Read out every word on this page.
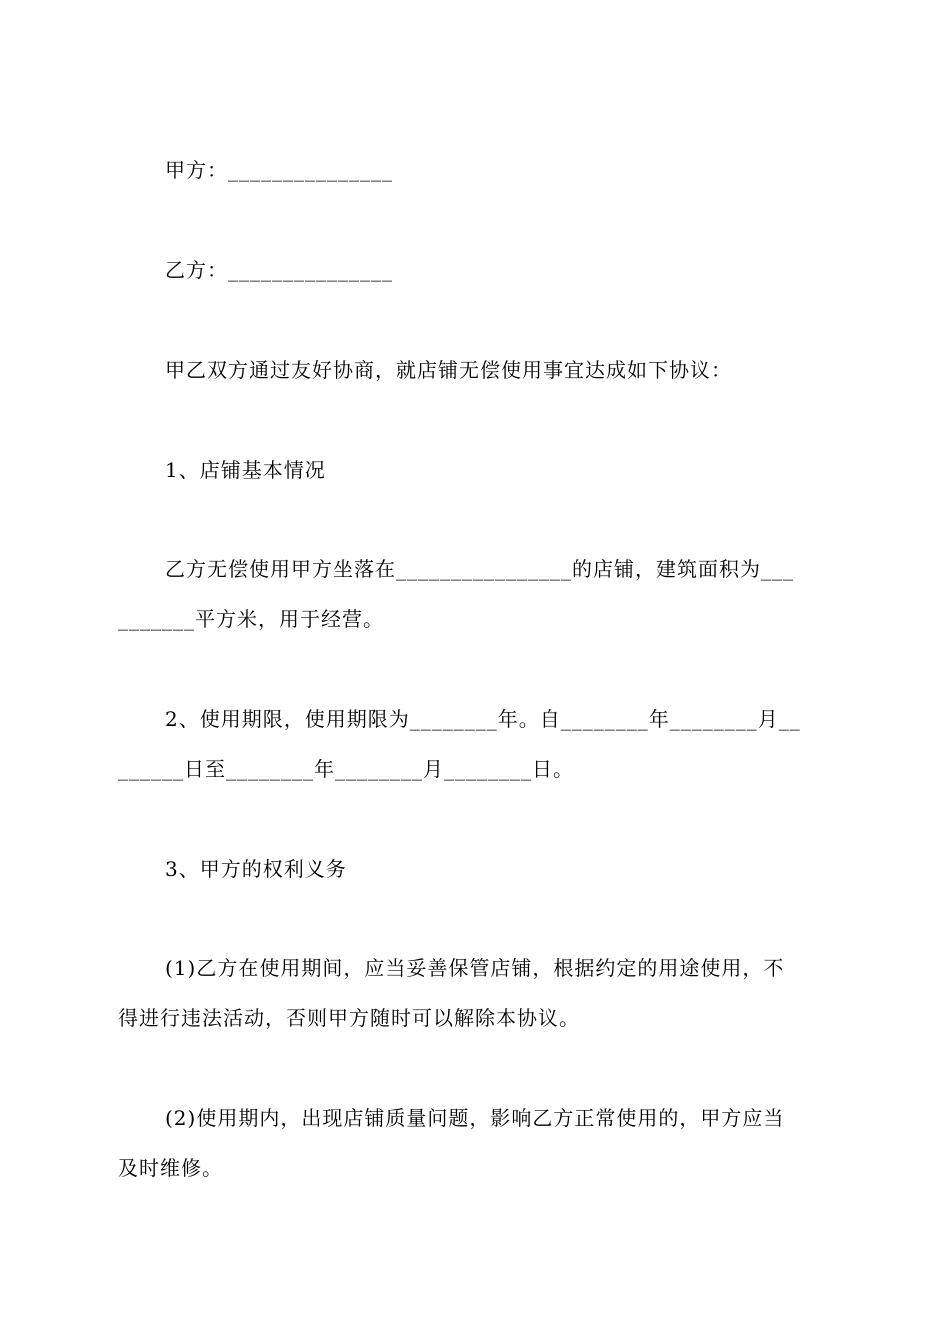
甲方：_______________
乙方：_______________
甲乙双方通过友好协商，就店铺无偿使用事宜达成如下协议：
1、店铺基本情况
乙方无偿使用甲方坐落在________________的店铺，建筑面积为___
_______平方米，用于经营。
2、使用期限，使用期限为________年。自________年________月__
______日至________年________月________日。
3、甲方的权利义务
(1)乙方在使用期间，应当妥善保管店铺，根据约定的用途使用，不
得进行违法活动，否则甲方随时可以解除本协议。
(2)使用期内，出现店铺质量问题，影响乙方正常使用的，甲方应当
及时维修。
